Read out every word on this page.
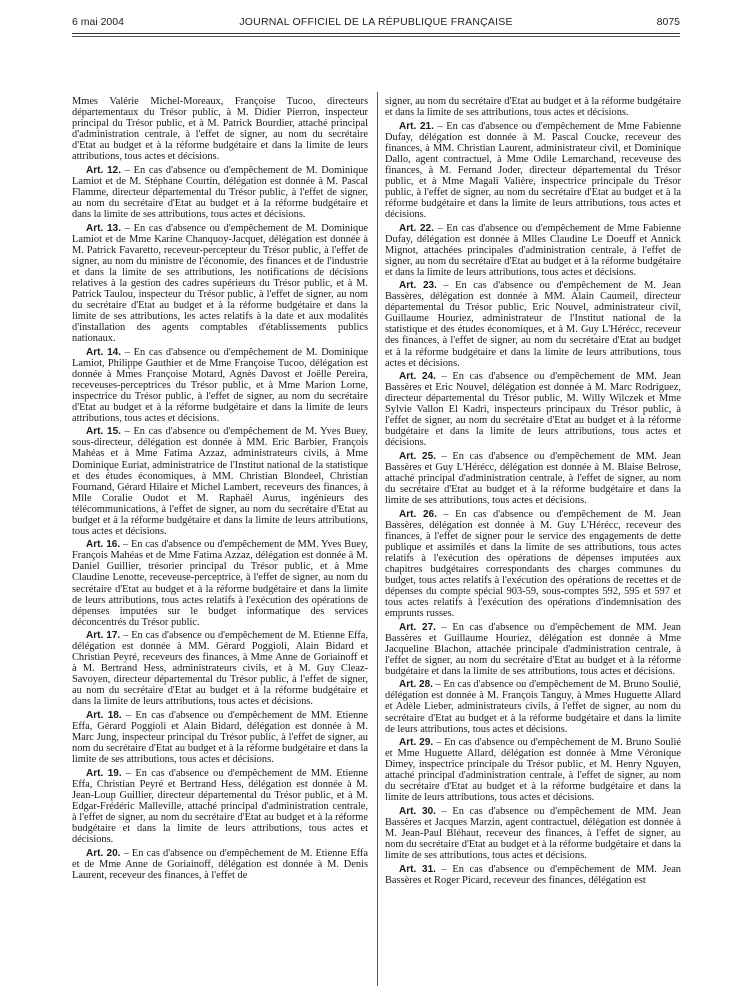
6 mai 2004	JOURNAL OFFICIEL DE LA RÉPUBLIQUE FRANÇAISE	8075

Mmes Valérie Michel-Moreaux, Françoise Tucoo, directeurs départementaux du Trésor public, à M. Didier Pierron, inspecteur principal du Trésor public, et à M. Patrick Bourdier, attaché principal d'administration centrale, à l'effet de signer, au nom du secrétaire d'Etat au budget et à la réforme budgétaire et dans la limite de leurs attributions, tous actes et décisions.

Art. 12. – En cas d'absence ou d'empêchement de M. Dominique Lamiot et de M. Stéphane Courtin, délégation est donnée à M. Pascal Flamme, directeur départemental du Trésor public, à l'effet de signer, au nom du secrétaire d'Etat au budget et à la réforme budgétaire et dans la limite de ses attributions, tous actes et décisions.

Art. 13. – En cas d'absence ou d'empêchement de M. Dominique Lamiot et de Mme Karine Chanquoy-Jacquet, délégation est donnée à M. Patrick Favaretto, receveur-percepteur du Trésor public, à l'effet de signer, au nom du ministre de l'économie, des finances et de l'industrie et dans la limite de ses attributions, les notifications de décisions relatives à la gestion des cadres supérieurs du Trésor public, et à M. Patrick Taulou, inspecteur du Trésor public, à l'effet de signer, au nom du secrétaire d'Etat au budget et à la réforme budgétaire et dans la limite de ses attributions, les actes relatifs à la date et aux modalités d'installation des agents comptables d'établissements publics nationaux.

Art. 14. – En cas d'absence ou d'empêchement de M. Dominique Lamiot, Philippe Gauthier et de Mme Françoise Tucoo, délégation est donnée à Mmes Françoise Motard, Agnès Davost et Joëlle Pereira, receveuses-perceptrices du Trésor public, et à Mme Marion Lorne, inspectrice du Trésor public, à l'effet de signer, au nom du secrétaire d'Etat au budget et à la réforme budgétaire et dans la limite de leurs attributions, tous actes et décisions.

Art. 15. – En cas d'absence ou d'empêchement de M. Yves Buey, sous-directeur, délégation est donnée à MM. Eric Barbier, François Mahéas et à Mme Fatima Azzaz, administrateurs civils, à Mme Dominique Euriat, administratrice de l'Institut national de la statistique et des études économiques, à MM. Christian Blondeel, Christian Fournand, Gérard Hilaire et Michel Lambert, receveurs des finances, à Mlle Coralie Oudot et M. Raphaël Aurus, ingénieurs des télécommunications, à l'effet de signer, au nom du secrétaire d'Etat au budget et à la réforme budgétaire et dans la limite de leurs attributions, tous actes et décisions.

Art. 16. – En cas d'absence ou d'empêchement de MM. Yves Buey, François Mahéas et de Mme Fatima Azzaz, délégation est donnée à M. Daniel Guillier, trésorier principal du Trésor public, et à Mme Claudine Lenotte, receveuse-perceptrice, à l'effet de signer, au nom du secrétaire d'Etat au budget et à la réforme budgétaire et dans la limite de leurs attributions, tous actes relatifs à l'exécution des opérations de dépenses imputées sur le budget informatique des services déconcentrés du Trésor public.

Art. 17. – En cas d'absence ou d'empêchement de M. Etienne Effa, délégation est donnée à MM. Gérard Poggioli, Alain Bidard et Christian Peyré, receveurs des finances, à Mme Anne de Goriainoff et à M. Bertrand Hess, administrateurs civils, et à M. Guy Cleaz-Savoyen, directeur départemental du Trésor public, à l'effet de signer, au nom du secrétaire d'Etat au budget et à la réforme budgétaire et dans la limite de leurs attributions, tous actes et décisions.

Art. 18. – En cas d'absence ou d'empêchement de MM. Etienne Effa, Gérard Poggioli et Alain Bidard, délégation est donnée à M. Marc Jung, inspecteur principal du Trésor public, à l'effet de signer, au nom du secrétaire d'Etat au budget et à la réforme budgétaire et dans la limite de ses attributions, tous actes et décisions.

Art. 19. – En cas d'absence ou d'empêchement de MM. Etienne Effa, Christian Peyré et Bertrand Hess, délégation est donnée à M. Jean-Loup Guillier, directeur départemental du Trésor public, et à M. Edgar-Frédéric Malleville, attaché principal d'administration centrale, à l'effet de signer, au nom du secrétaire d'Etat au budget et à la réforme budgétaire et dans la limite de leurs attributions, tous actes et décisions.

Art. 20. – En cas d'absence ou d'empêchement de M. Etienne Effa et de Mme Anne de Goriainoff, délégation est donnée à M. Denis Laurent, receveur des finances, à l'effet de

signer, au nom du secrétaire d'Etat au budget et à la réforme budgétaire et dans la limite de ses attributions, tous actes et décisions.

Art. 21. – En cas d'absence ou d'empêchement de Mme Fabienne Dufay, délégation est donnée à M. Pascal Coucke, receveur des finances, à MM. Christian Laurent, administrateur civil, et Dominique Dallo, agent contractuel, à Mme Odile Lemarchand, receveuse des finances, à M. Fernand Joder, directeur départemental du Trésor public, et à Mme Magali Valière, inspectrice principale du Trésor public, à l'effet de signer, au nom du secrétaire d'Etat au budget et à la réforme budgétaire et dans la limite de leurs attributions, tous actes et décisions.

Art. 22. – En cas d'absence ou d'empêchement de Mme Fabienne Dufay, délégation est donnée à Mlles Claudine Le Doeuff et Annick Mignot, attachées principales d'administration centrale, à l'effet de signer, au nom du secrétaire d'Etat au budget et à la réforme budgétaire et dans la limite de leurs attributions, tous actes et décisions.

Art. 23. – En cas d'absence ou d'empêchement de M. Jean Bassères, délégation est donnée à MM. Alain Caumeil, directeur départemental du Trésor public, Eric Nouvel, administrateur civil, Guillaume Houriez, administrateur de l'Institut national de la statistique et des études économiques, et à M. Guy L'Hérécc, receveur des finances, à l'effet de signer, au nom du secrétaire d'Etat au budget et à la réforme budgétaire et dans la limite de leurs attributions, tous actes et décisions.

Art. 24. – En cas d'absence ou d'empêchement de MM. Jean Bassères et Eric Nouvel, délégation est donnée à M. Marc Rodriguez, directeur départemental du Trésor public, M. Willy Wilczek et Mme Sylvie Vallon El Kadri, inspecteurs principaux du Trésor public, à l'effet de signer, au nom du secrétaire d'Etat au budget et à la réforme budgétaire et dans la limite de leurs attributions, tous actes et décisions.

Art. 25. – En cas d'absence ou d'empêchement de MM. Jean Bassères et Guy L'Hérécc, délégation est donnée à M. Blaise Belrose, attaché principal d'administration centrale, à l'effet de signer, au nom du secrétaire d'Etat au budget et à la réforme budgétaire et dans la limite de ses attributions, tous actes et décisions.

Art. 26. – En cas d'absence ou d'empêchement de M. Jean Bassères, délégation est donnée à M. Guy L'Hérécc, receveur des finances, à l'effet de signer pour le service des engagements de dette publique et assimilés et dans la limite de ses attributions, tous actes relatifs à l'exécution des opérations de dépenses imputées aux chapitres budgétaires correspondants des charges communes du budget, tous actes relatifs à l'exécution des opérations de recettes et de dépenses du compte spécial 903-59, sous-comptes 592, 595 et 597 et tous actes relatifs à l'exécution des opérations d'indemnisation des emprunts russes.

Art. 27. – En cas d'absence ou d'empêchement de MM. Jean Bassères et Guillaume Houriez, délégation est donnée à Mme Jacqueline Blachon, attachée principale d'administration centrale, à l'effet de signer, au nom du secrétaire d'Etat au budget et à la réforme budgétaire et dans la limite de ses attributions, tous actes et décisions.

Art. 28. – En cas d'absence ou d'empêchement de M. Bruno Soulié, délégation est donnée à M. François Tanguy, à Mmes Huguette Allard et Adèle Lieber, administrateurs civils, à l'effet de signer, au nom du secrétaire d'Etat au budget et à la réforme budgétaire et dans la limite de leurs attributions, tous actes et décisions.

Art. 29. – En cas d'absence ou d'empêchement de M. Bruno Soulié et Mme Huguette Allard, délégation est donnée à Mme Véronique Dimey, inspectrice principale du Trésor public, et M. Henry Nguyen, attaché principal d'administration centrale, à l'effet de signer, au nom du secrétaire d'Etat au budget et à la réforme budgétaire et dans la limite de leurs attributions, tous actes et décisions.

Art. 30. – En cas d'absence ou d'empêchement de MM. Jean Bassères et Jacques Marzin, agent contractuel, délégation est donnée à M. Jean-Paul Bléhaut, receveur des finances, à l'effet de signer, au nom du secrétaire d'Etat au budget et à la réforme budgétaire et dans la limite de ses attributions, tous actes et décisions.

Art. 31. – En cas d'absence ou d'empêchement de MM. Jean Bassères et Roger Picard, receveur des finances, délégation est
